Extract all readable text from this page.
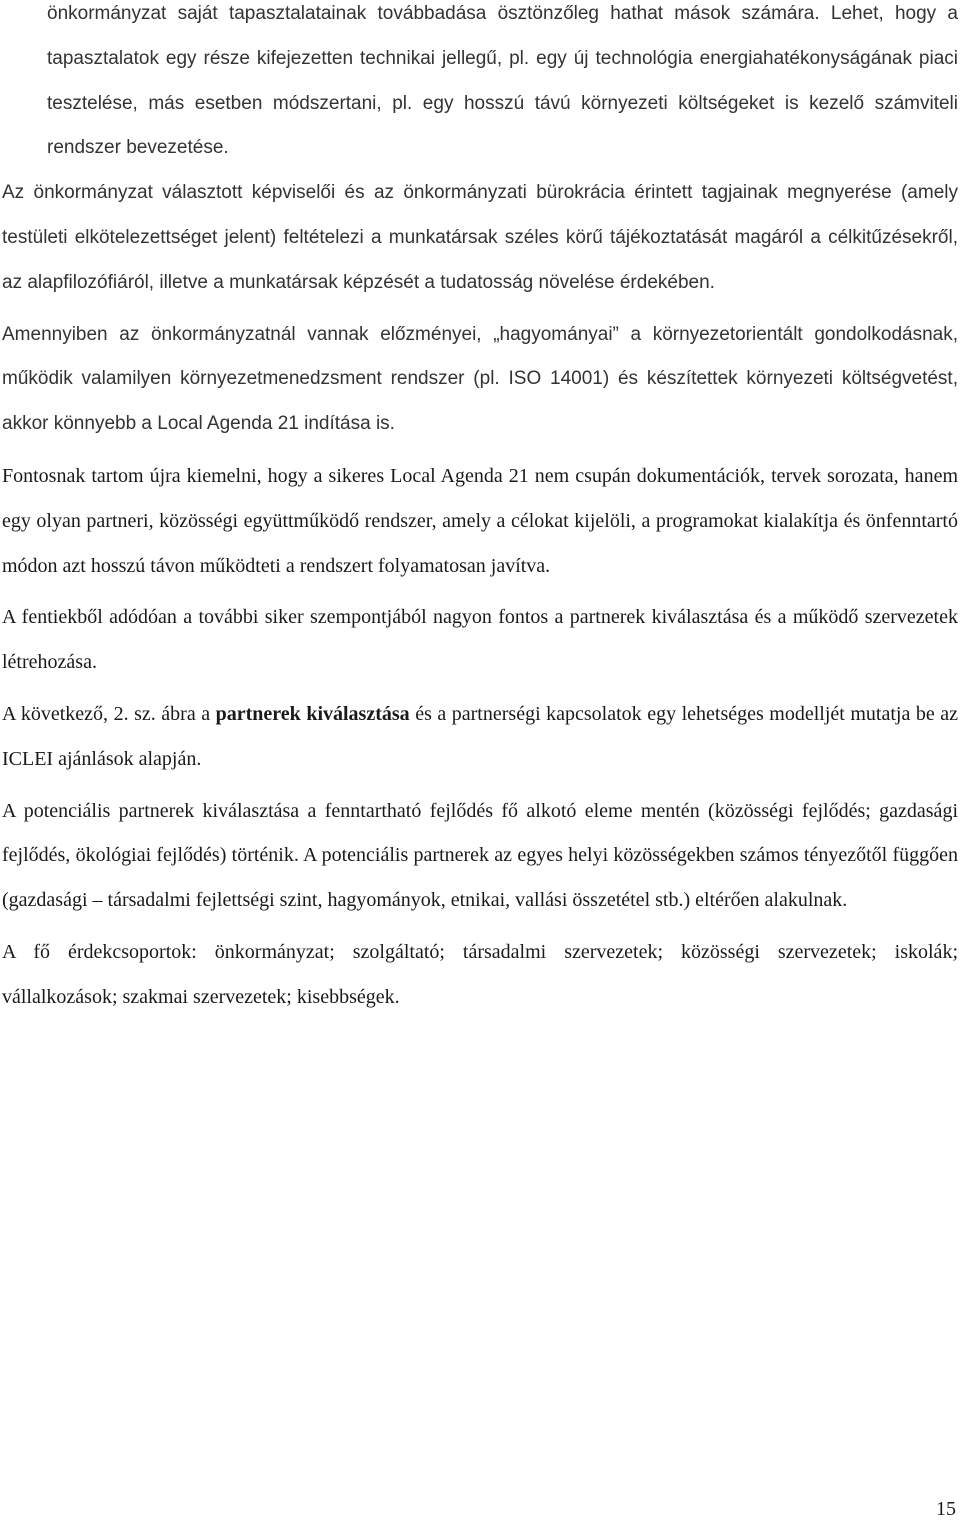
önkormányzat saját tapasztalatainak továbbadása ösztönzőleg hathat mások számára. Lehet, hogy a tapasztalatok egy része kifejezetten technikai jellegű, pl. egy új technológia energiahatékonyságának piaci tesztelése, más esetben módszertani, pl. egy hosszú távú környezeti költségeket is kezelő számviteli rendszer bevezetése.

Az önkormányzat választott képviselői és az önkormányzati bürokrácia érintett tagjainak megnyerése (amely testületi elkötelezettséget jelent) feltételezi a munkatársak széles körű tájékoztatását magáról a célkitűzésekről, az alapfilozófiáról, illetve a munkatársak képzését a tudatosság növelése érdekében.

Amennyiben az önkormányzatnál vannak előzményei, „hagyományai” a környezetorientált gondolkodásnak, működik valamilyen környezetmenedzsment rendszer (pl. ISO 14001) és készítettek környezeti költségvetést, akkor könnyebb a Local Agenda 21 indítása is.

Fontosnak tartom újra kiemelni, hogy a sikeres Local Agenda 21 nem csupán dokumentációk, tervek sorozata, hanem egy olyan partneri, közösségi együttműködő rendszer, amely a célokat kijelöli, a programokat kialakítja és önfenntartó módon azt hosszú távon működteti a rendszert folyamatosan javítva.

A fentiekből adódóan a további siker szempontjából nagyon fontos a partnerek kiválasztása és a működő szervezetek létrehozása.

A következő, 2. sz. ábra a partnerek kiválasztása és a partnerségi kapcsolatok egy lehetséges modelljét mutatja be az ICLEI ajánlások alapján.

A potenciális partnerek kiválasztása a fenntartható fejlődés fő alkotó eleme mentén (közösségi fejlődés; gazdasági fejlődés, ökológiai fejlődés) történik. A potenciális partnerek az egyes helyi közösségekben számos tényezőtől függően (gazdasági – társadalmi fejlettségi szint, hagyományok, etnikai, vallási összetétel stb.) eltérően alakulnak.

A fő érdekcsoportok: önkormányzat; szolgáltató; társadalmi szervezetek; közösségi szervezetek; iskolák; vállalkozások; szakmai szervezetek; kisebbségek.

15
